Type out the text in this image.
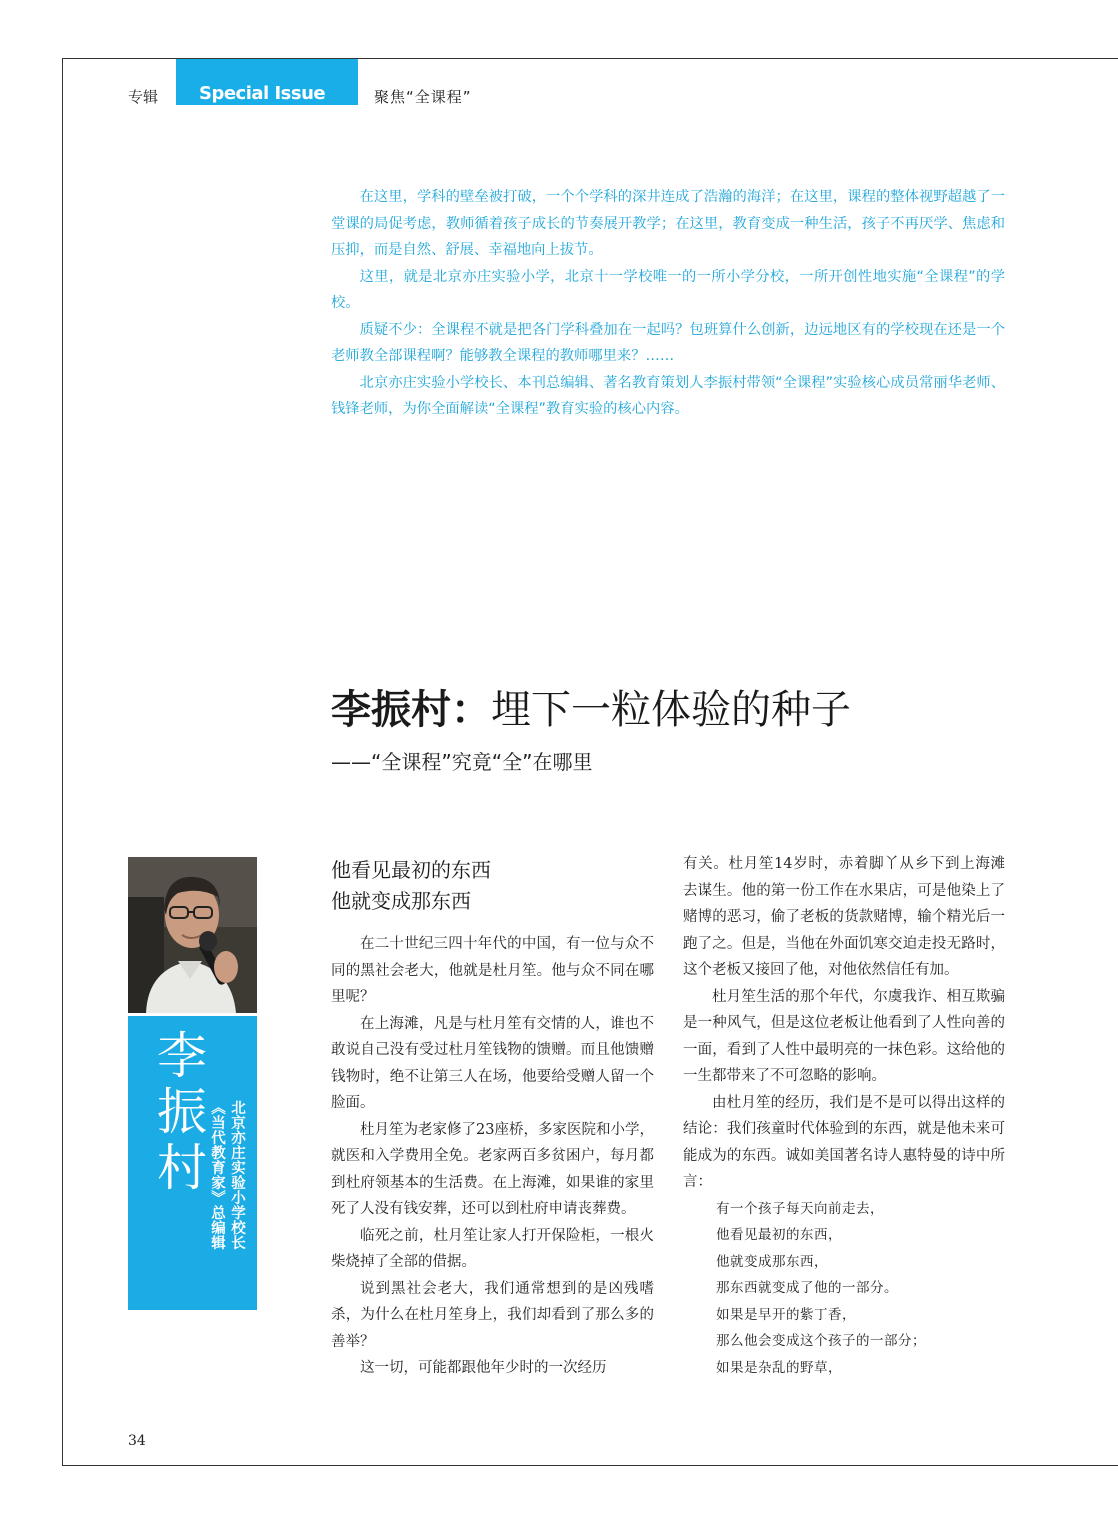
专辑 Special Issue	聚焦“全课程”

在这里，学科的壁垒被打破，一个个学科的深井连成了浩瀚的海洋；在这里，课程的整体视野超越了一堂课的局促考虑，教师循着孩子成长的节奏展开教学；在这里，教育变成一种生活，孩子不再厌学、焦虑和压抑，而是自然、舒展、幸福地向上拔节。

这里，就是北京亦庄实验小学，北京十一学校唯一的一所小学分校，一所开创性地实施“全课程”的学校。

质疑不少：全课程不就是把各门学科叠加在一起吗？包班算什么创新，边远地区有的学校现在还是一个老师教全部课程啊？能够教全课程的教师哪里来？……

北京亦庄实验小学校长、本刊总编辑、著名教育策划人李振村带领“全课程”实验核心成员常丽华老师、钱锋老师，为你全面解读“全课程”教育实验的核心内容。

李振村：埋下一粒体验的种子
——“全课程”究竟“全”在哪里
李振村 北京亦庄实验小学校长
《当代教育家》总编辑
他看见最初的东西
他就变成那东西

在二十世纪三四十年代的中国，有一位与众不同的黑社会老大，他就是杜月笙。他与众不同在哪里呢？

在上海滩，凡是与杜月笙有交情的人，谁也不敢说自己没有受过杜月笙钱物的馈赠。而且他馈赠钱物时，绝不让第三人在场，他要给受赠人留一个脸面。

杜月笙为老家修了23座桥，多家医院和小学，就医和入学费用全免。老家两百多贫困户，每月都到杜府领基本的生活费。在上海滩，如果谁的家里死了人没有钱安葬，还可以到杜府申请丧葬费。

临死之前，杜月笙让家人打开保险柜，一根火柴烧掉了全部的借据。

说到黑社会老大，我们通常想到的是凶残嗜杀，为什么在杜月笙身上，我们却看到了那么多的善举？

这一切，可能都跟他年少时的一次经历

有关。杜月笙14岁时，赤着脚丫从乡下到上海滩去谋生。他的第一份工作在水果店，可是他染上了赌博的恶习，偷了老板的货款赌博，输个精光后一跑了之。但是，当他在外面饥寒交迫走投无路时，这个老板又接回了他，对他依然信任有加。

杜月笙生活的那个年代，尔虞我诈、相互欺骗是一种风气，但是这位老板让他看到了人性向善的一面，看到了人性中最明亮的一抹色彩。这给他的一生都带来了不可忽略的影响。

由杜月笙的经历，我们是不是可以得出这样的结论：我们孩童时代体验到的东西，就是他未来可能成为的东西。诚如美国著名诗人惠特曼的诗中所言：

有一个孩子每天向前走去，
他看见最初的东西，
他就变成那东西，
那东西就变成了他的一部分。
如果是早开的紫丁香，
那么他会变成这个孩子的一部分；
如果是杂乱的野草，
34
